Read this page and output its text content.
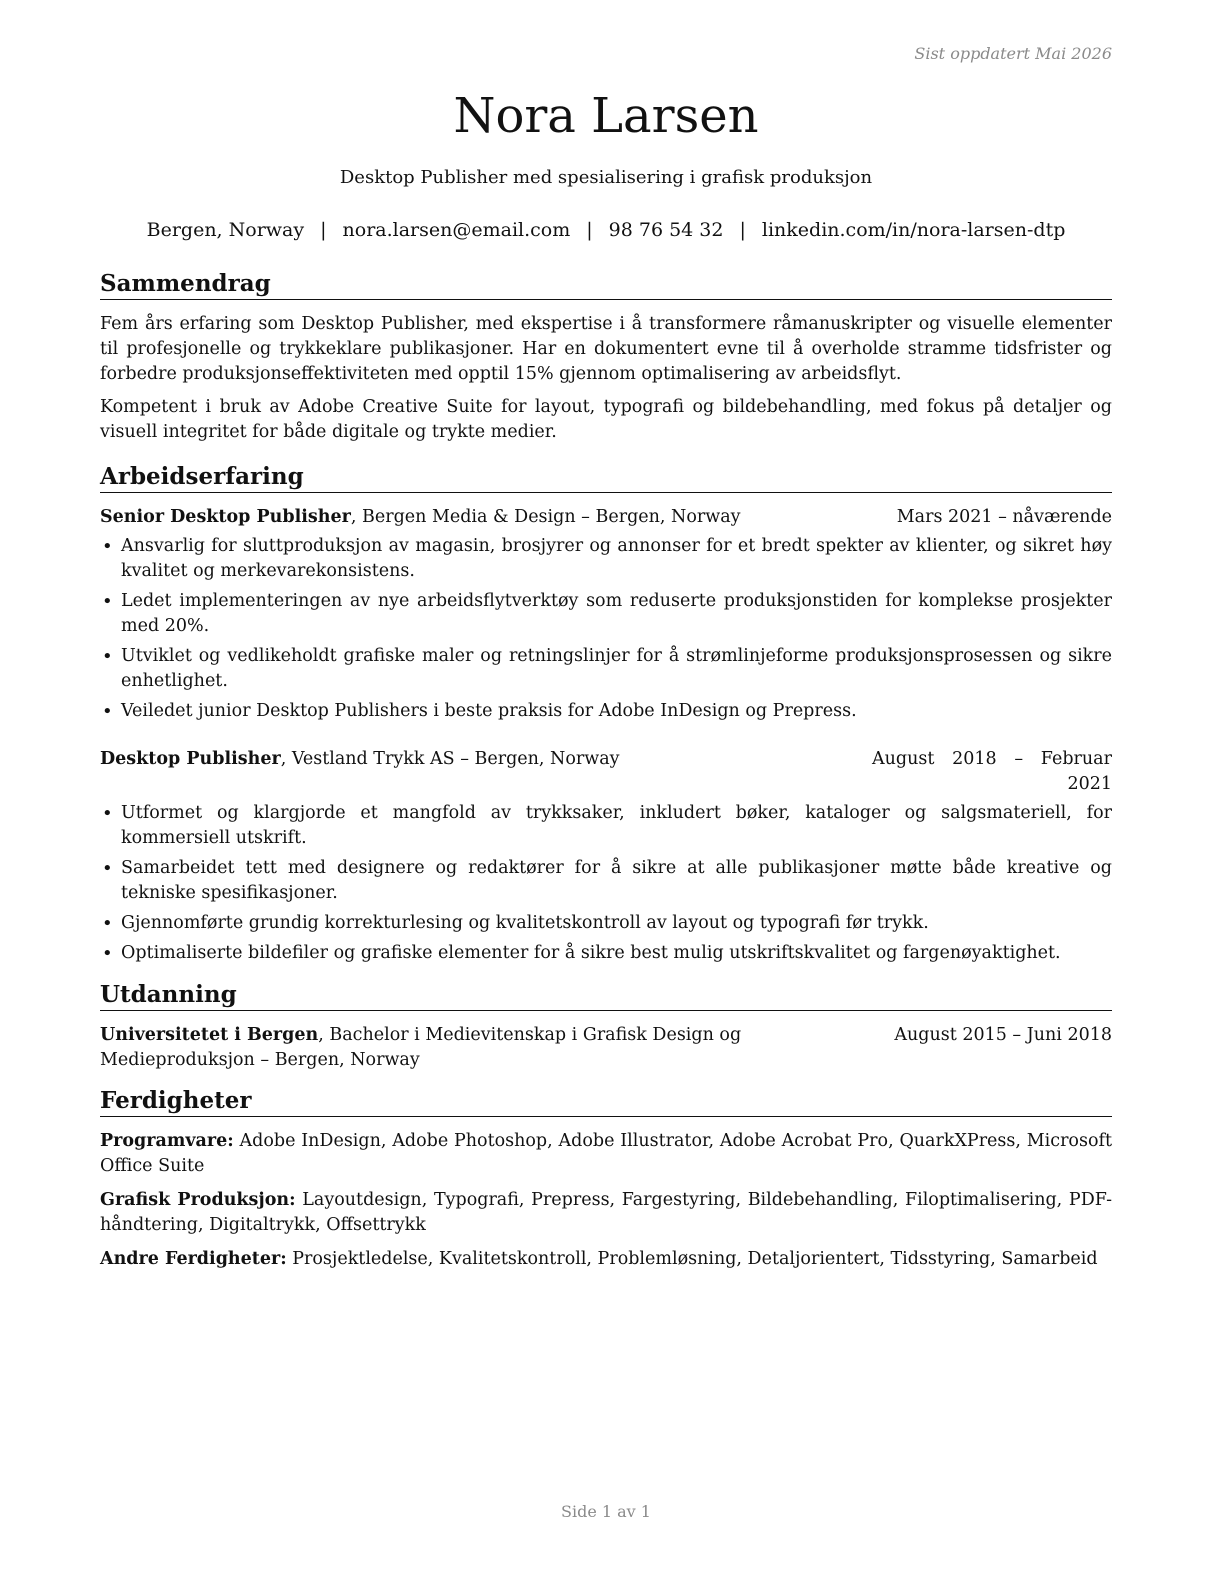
Sist oppdatert Mai 2026
Nora Larsen
Desktop Publisher med spesialisering i grafisk produksjon
Bergen, Norway | nora.larsen@email.com | 98 76 54 32 | linkedin.com/in/nora-larsen-dtp
Sammendrag

Fem års erfaring som Desktop Publisher, med ekspertise i å transformere råmanuskripter og visuelle elementer til profesjonelle og trykkeklare publikasjoner. Har en dokumentert evne til å overholde stramme tidsfrister og forbedre produksjonseffektiviteten med opptil 15% gjennom optimalisering av arbeidsflyt.

Kompetent i bruk av Adobe Creative Suite for layout, typografi og bildebehandling, med fokus på detaljer og visuell integritet for både digitale og trykte medier.

Arbeidserfaring
Senior Desktop Publisher, Bergen Media & Design – Bergen, Norway	Mars 2021 – nåværende
• Ansvarlig for sluttproduksjon av magasin, brosjyrer og annonser for et bredt spekter av klienter, og sikret høy kvalitet og merkevarekonsistens.
• Ledet implementeringen av nye arbeidsflytverktøy som reduserte produksjonstiden for komplekse prosjekter med 20%.
• Utviklet og vedlikeholdt grafiske maler og retningslinjer for å strømlinjeforme produksjonsprosessen og sikre enhetlighet.
• Veiledet junior Desktop Publishers i beste praksis for Adobe InDesign og Prepress.
Desktop Publisher, Vestland Trykk AS – Bergen, Norway	August 2018 – Februar 2021
• Utformet og klargjorde et mangfold av trykksaker, inkludert bøker, kataloger og salgsmateriell, for kommersiell utskrift.
• Samarbeidet tett med designere og redaktører for å sikre at alle publikasjoner møtte både kreative og tekniske spesifikasjoner.
• Gjennomførte grundig korrekturlesing og kvalitetskontroll av layout og typografi før trykk.
• Optimaliserte bildefiler og grafiske elementer for å sikre best mulig utskriftskvalitet og fargenøyaktighet.
Utdanning
Universitetet i Bergen, Bachelor i Medievitenskap i Grafisk Design og Medieproduksjon – Bergen, Norway
August 2015 – Juni 2018
Ferdigheter

Programvare: Adobe InDesign, Adobe Photoshop, Adobe Illustrator, Adobe Acrobat Pro, QuarkXPress, Microsoft Office Suite

Grafisk Produksjon: Layoutdesign, Typografi, Prepress, Fargestyring, Bildebehandling, Filoptimalisering, PDF-håndtering, Digitaltrykk, Offsettrykk

Andre Ferdigheter: Prosjektledelse, Kvalitetskontroll, Problemløsning, Detaljorientert, Tidsstyring, Samarbeid

Side 1 av 1
